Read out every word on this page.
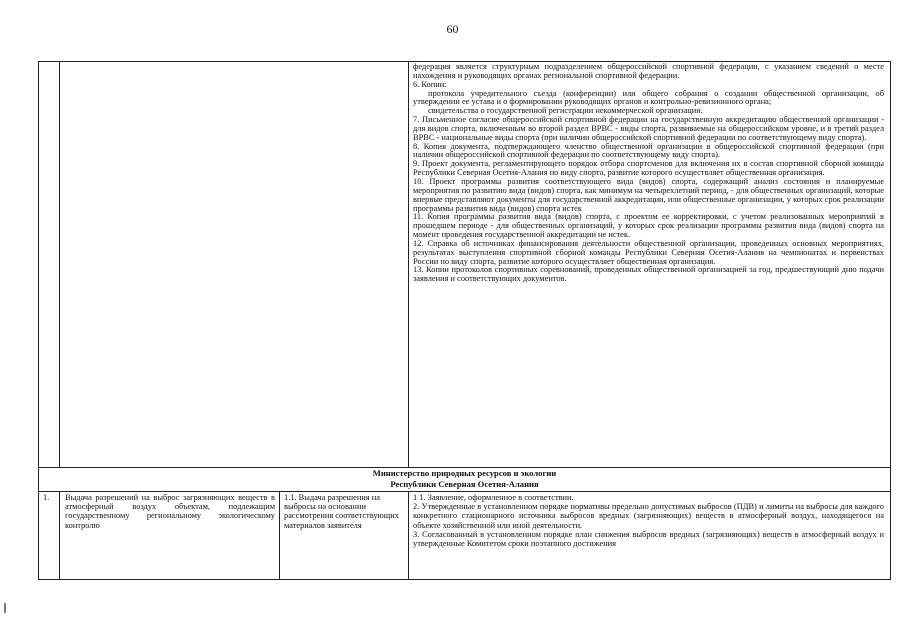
60

федерация является структурным подразделением общероссийской спортивной федерации, с указанием сведений о месте нахождения и руководящих органах региональной спортивной федерации.

6. Копии:

протокола учредительного съезда (конференции) или общего собрания о создании общественной организации, об утверждении ее устава и о формировании руководящих органов и контрольно-ревизионного органа;

свидетельства о государственной регистрации некоммерческой организации.

7. Письменное согласие общероссийской спортивной федерации на государственную аккредитацию общественной организации - для видов спорта, включенным во второй раздел ВРВС - виды спорта, развиваемые на общероссийском уровне, и в третий раздел ВРВС - национальные виды спорта (при наличии общероссийской спортивной федерации по соответствующему виду спорта).

8. Копия документа, подтверждающего членство общественной организации в общероссийской спортивной федерации (при наличии общероссийской спортивной федерации по соответствующему виду спорта).

9. Проект документа, регламентирующего порядок отбора спортсменов для включения их в состав спортивной сборной команды Республики Северная Осетия-Алания по виду спорта, развитие которого осуществляет общественная организация.

10. Проект программы развития соответствующего вида (видов) спорта, содержащий анализ состояния и планируемые мероприятия по развитию вида (видов) спорта, как минимум на четырехлетний период, - для общественных организаций, которые впервые представляют документы для государственной аккредитации, или общественные организации, у которых срок реализации программы развития вида (видов) спорта истек

11. Копия программы развития вида (видов) спорта, с проектом ее корректировки, с учетом реализованных мероприятий в прошедшем периоде - для общественных организаций, у которых срок реализации программы развития вида (видов) спорта на момент проведения государственной аккредитации не истек.

12. Справка об источниках финансирования деятельности общественной организации, проведенных основных мероприятиях, результатах выступления спортивной сборной команды Республики Северная Осетия-Алания на чемпионатах и первенствах России по виду спорта, развитие которого осуществляет общественная организация.

13. Копии протоколов спортивных соревнований, проведенных общественной организацией за год, предшествующий дню подачи заявления и соответствующих документов.

Министерство природных ресурсов и экологии
Республики Северная Осетия-Алания
1. Выдача разрешений на выброс загрязняющих веществ в атмосферный воздух объектам, подлежащим государственному региональному экологическому контролю
1.1. Выдача разрешения на выбросы на основании рассмотрения соответствующих материалов заявителя

1 1. Заявление, оформленное в соответствии.

2. Утвержденные в установленном порядке нормативы предельно допустимых выбросов (ПДВ) и лимиты на выбросы для каждого конкретного стационарного источника выбросов вредных (загрязняющих) веществ в атмосферный воздух, находящегося на объекте хозяйственной или иной деятельности.

3. Согласованный в установленном порядке план снижения выбросов вредных (загрязняющих) веществ в атмосферный воздух и утвержденные Комитетом сроки поэтапного достижения
